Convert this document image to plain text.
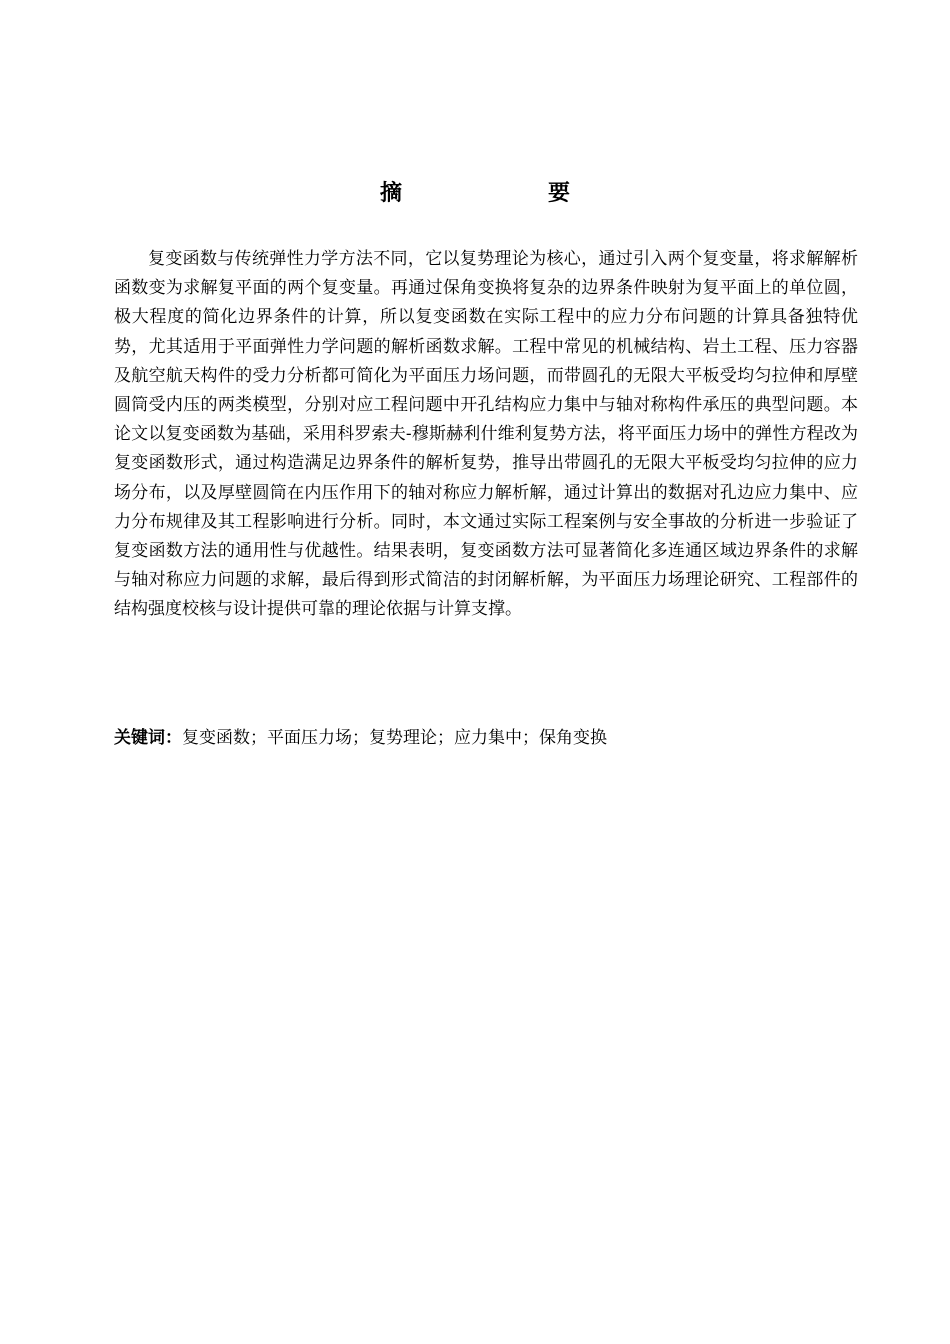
摘　　要

复变函数与传统弹性力学方法不同，它以复势理论为核心，通过引入两个复变量，将求解解析函数变为求解复平面的两个复变量。再通过保角变换将复杂的边界条件映射为复平面上的单位圆，极大程度的简化边界条件的计算，所以复变函数在实际工程中的应力分布问题的计算具备独特优势，尤其适用于平面弹性力学问题的解析函数求解。工程中常见的机械结构、岩土工程、压力容器及航空航天构件的受力分析都可简化为平面压力场问题，而带圆孔的无限大平板受均匀拉伸和厚壁圆筒受内压的两类模型，分别对应工程问题中开孔结构应力集中与轴对称构件承压的典型问题。本论文以复变函数为基础，采用科罗索夫-穆斯赫利什维利复势方法，将平面压力场中的弹性方程改为复变函数形式，通过构造满足边界条件的解析复势，推导出带圆孔的无限大平板受均匀拉伸的应力场分布，以及厚壁圆筒在内压作用下的轴对称应力解析解，通过计算出的数据对孔边应力集中、应力分布规律及其工程影响进行分析。同时，本文通过实际工程案例与安全事故的分析进一步验证了复变函数方法的通用性与优越性。结果表明，复变函数方法可显著简化多连通区域边界条件的求解与轴对称应力问题的求解，最后得到形式简洁的封闭解析解，为平面压力场理论研究、工程部件的结构强度校核与设计提供可靠的理论依据与计算支撑。

关键词：复变函数；平面压力场；复势理论；应力集中；保角变换
